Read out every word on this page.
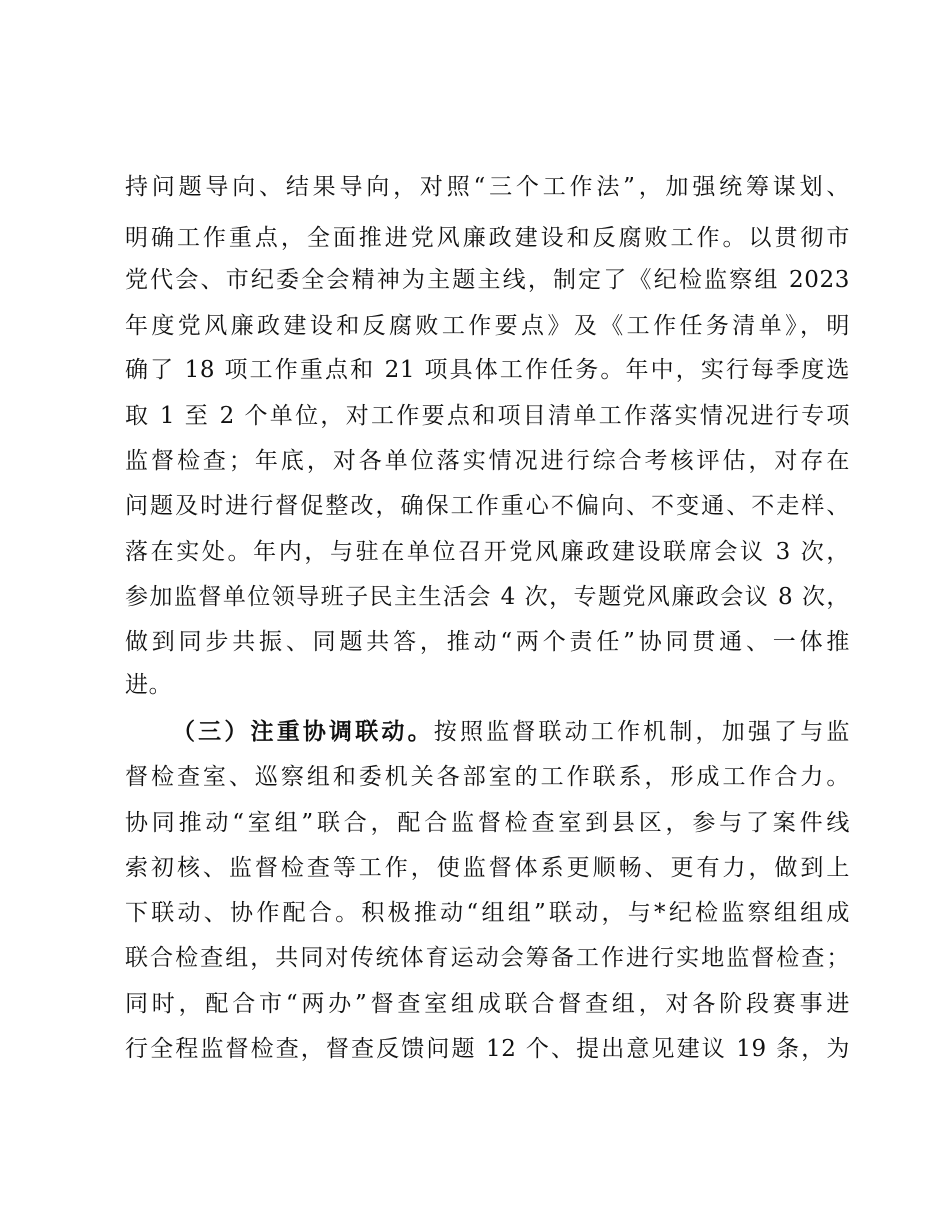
持问题导向、结果导向，对照“三个工作法”，加强统筹谋划、
明确工作重点，全面推进党风廉政建设和反腐败工作。以贯彻市
党代会、市纪委全会精神为主题主线，制定了《纪检监察组 2023
年度党风廉政建设和反腐败工作要点》及《工作任务清单》，明
确了 18 项工作重点和 21 项具体工作任务。年中，实行每季度选
取 1 至 2 个单位，对工作要点和项目清单工作落实情况进行专项
监督检查；年底，对各单位落实情况进行综合考核评估，对存在
问题及时进行督促整改，确保工作重心不偏向、不变通、不走样、
落在实处。年内，与驻在单位召开党风廉政建设联席会议 3 次，
参加监督单位领导班子民主生活会 4 次，专题党风廉政会议 8 次，
做到同步共振、同题共答，推动“两个责任”协同贯通、一体推
进。
（三）注重协调联动。按照监督联动工作机制，加强了与监
督检查室、巡察组和委机关各部室的工作联系，形成工作合力。
协同推动“室组”联合，配合监督检查室到县区，参与了案件线
索初核、监督检查等工作，使监督体系更顺畅、更有力，做到上
下联动、协作配合。积极推动“组组”联动，与*纪检监察组组成
联合检查组，共同对传统体育运动会筹备工作进行实地监督检查；
同时，配合市“两办”督查室组成联合督查组，对各阶段赛事进
行全程监督检查，督查反馈问题 12 个、提出意见建议 19 条，为
